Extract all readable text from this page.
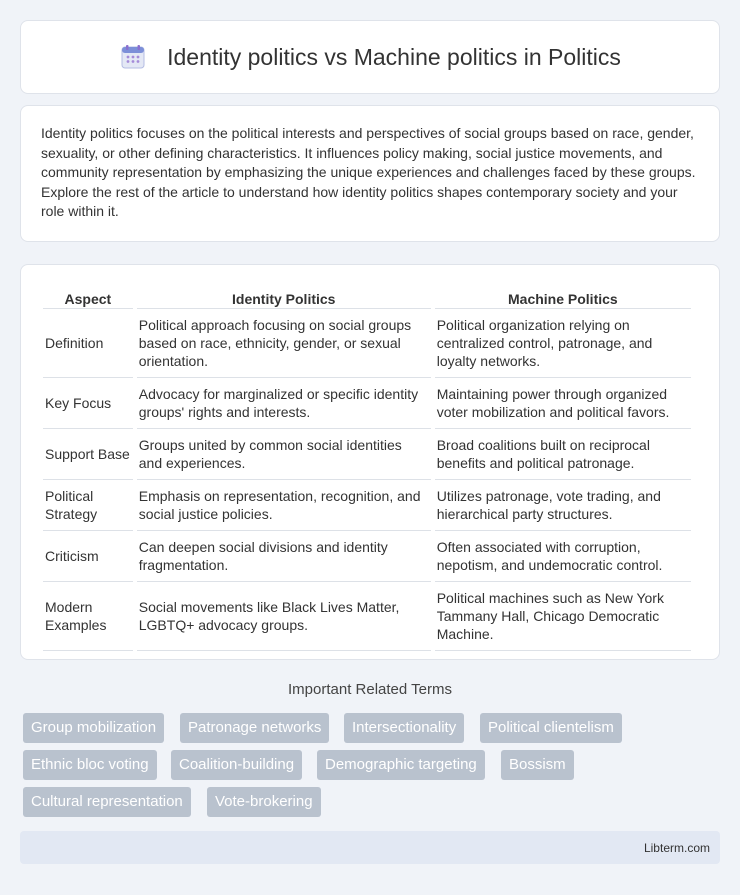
Identity politics vs Machine politics in Politics

Identity politics focuses on the political interests and perspectives of social groups based on race, gender, sexuality, or other defining characteristics. It influences policy making, social justice movements, and community representation by emphasizing the unique experiences and challenges faced by these groups. Explore the rest of the article to understand how identity politics shapes contemporary society and your role within it.

Aspect	Identity Politics	Machine Politics
Definition	Political approach focusing on social groups based on race, ethnicity, gender, or sexual orientation.	Political organization relying on centralized control, patronage, and loyalty networks.
Key Focus	Advocacy for marginalized or specific identity groups' rights and interests.	Maintaining power through organized voter mobilization and political favors.
Support Base	Groups united by common social identities and experiences.	Broad coalitions built on reciprocal benefits and political patronage.
Political Strategy	Emphasis on representation, recognition, and social justice policies.	Utilizes patronage, vote trading, and hierarchical party structures.
Criticism	Can deepen social divisions and identity fragmentation.	Often associated with corruption, nepotism, and undemocratic control.
Modern Examples	Social movements like Black Lives Matter, LGBTQ+ advocacy groups.	Political machines such as New York Tammany Hall, Chicago Democratic Machine.
Important Related Terms
Group mobilization	Patronage networks	Intersectionality	Political clientelism
Ethnic bloc voting	Coalition-building	Demographic targeting	Bossism
Cultural representation	Vote-brokering
Libterm.com
